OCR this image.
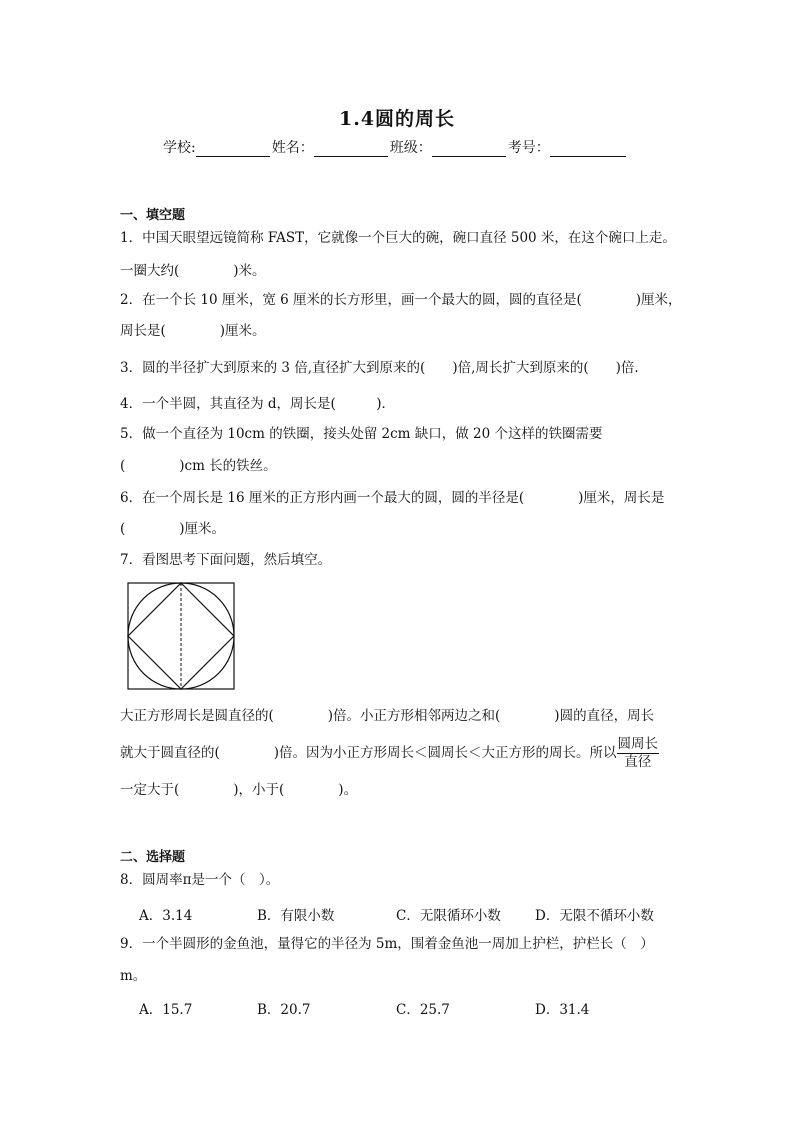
1.4圆的周长
学校:	姓名：	班级：	考号：
一、填空题
1．中国天眼望远镜简称 FAST，它就像一个巨大的碗，碗口直径 500 米，在这个碗口上走。
一圈大约(　　　　)米。
2．在一个长 10 厘米，宽 6 厘米的长方形里，画一个最大的圆，圆的直径是(　　　　)厘米，
周长是(　　　　)厘米。
3．圆的半径扩大到原来的 3 倍,直径扩大到原来的(　　)倍,周长扩大到原来的(　　)倍.
4．一个半圆，其直径为 d，周长是(　　　)．
5．做一个直径为 10cm 的铁圈，接头处留 2cm 缺口，做 20 个这样的铁圈需要
(　　　　)cm 长的铁丝。
6．在一个周长是 16 厘米的正方形内画一个最大的圆，圆的半径是(　　　　)厘米，周长是
(　　　　)厘米。
7．看图思考下面问题，然后填空。
大正方形周长是圆直径的(　　　　)倍。小正方形相邻两边之和(　　　　)圆的直径，周长
就大于圆直径的(　　　　)倍。因为小正方形周长＜圆周长＜大正方形的周长。所以 $\frac{\text{圆周长}}{\text{直径}}$
一定大于(　　　　)，小于(　　　　)。
二、选择题
8．圆周率π是一个（　）。
A．3.14	B．有限小数	C．无限循环小数	D．无限不循环小数
9．一个半圆形的金鱼池，量得它的半径为 5m，围着金鱼池一周加上护栏，护栏长（　）
m。
A．15.7	B．20.7	C．25.7	D．31.4
